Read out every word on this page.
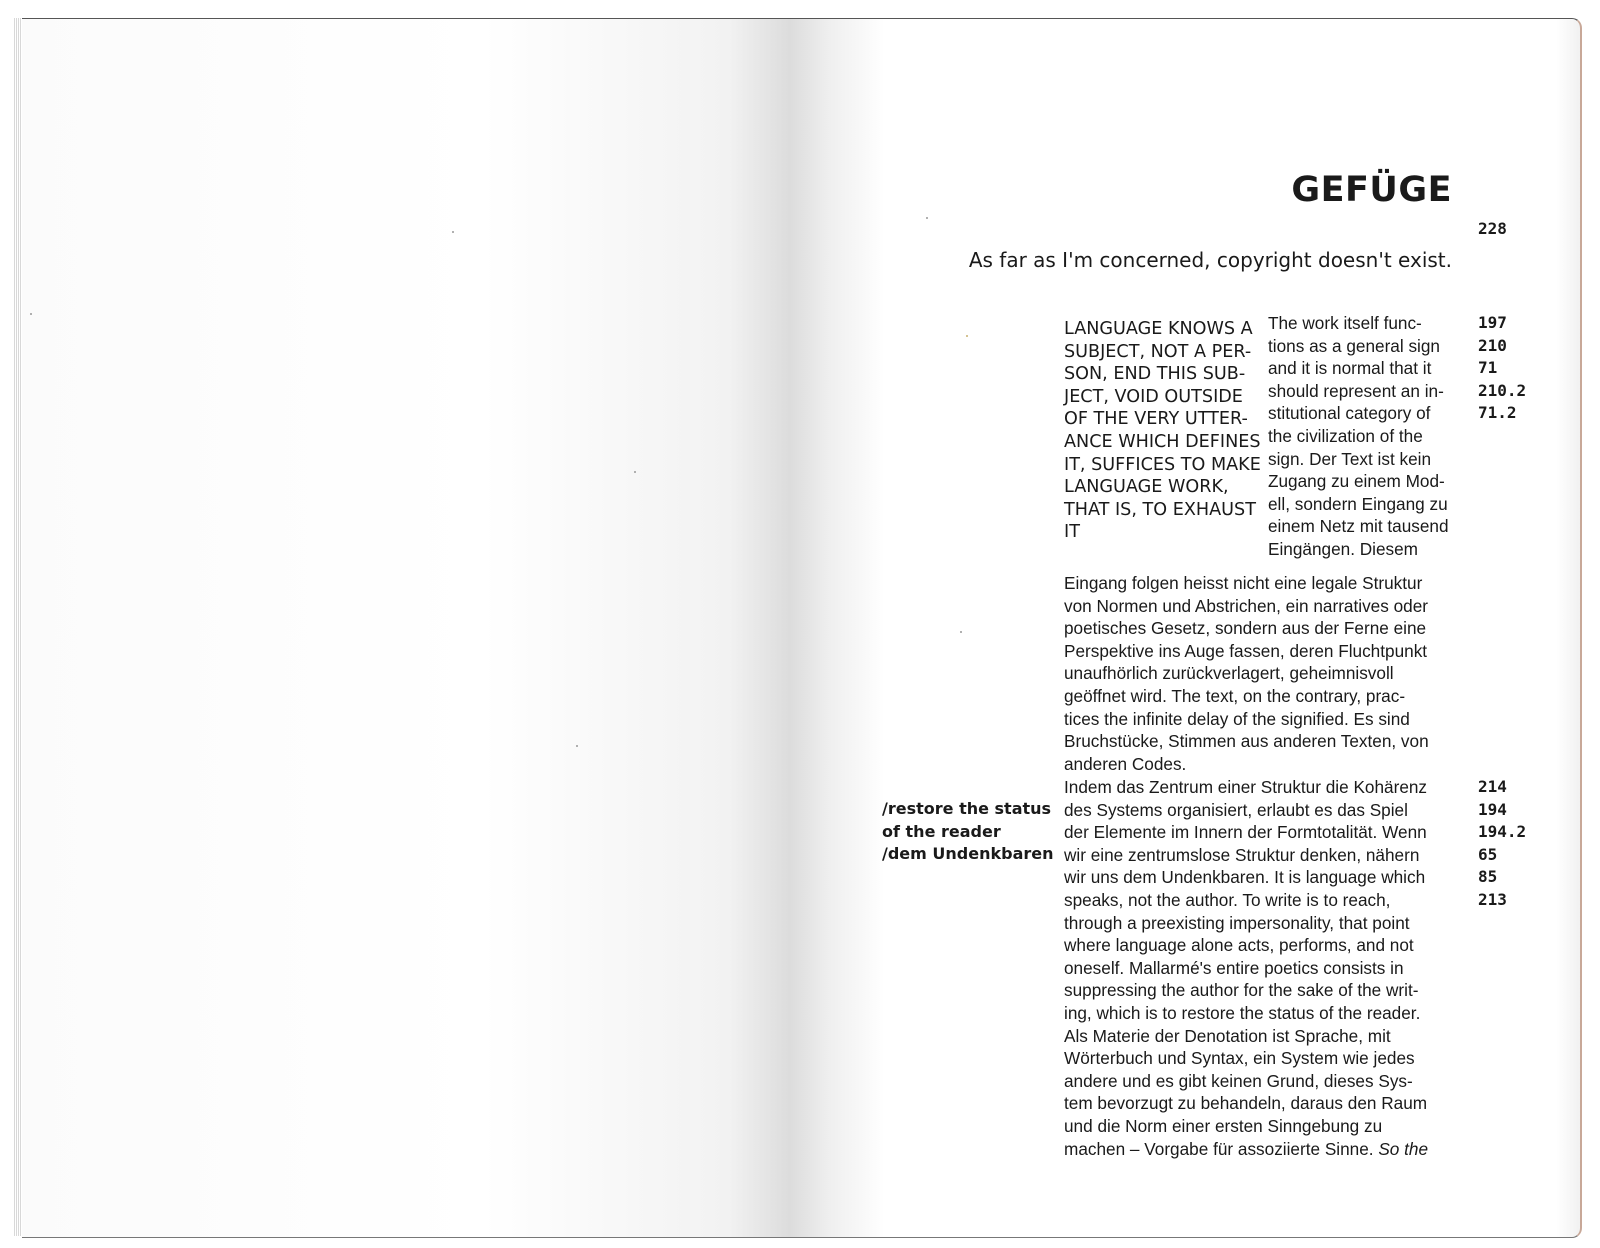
GEFÜGE
228

As far as I'm concerned, copyright doesn't exist.

LANGUAGE KNOWS A
SUBJECT, NOT A PER-
SON, END THIS SUB-
JECT, VOID OUTSIDE
OF THE VERY UTTER-
ANCE WHICH DEFINES
IT, SUFFICES TO MAKE
LANGUAGE WORK,
THAT IS, TO EXHAUST
IT
The work itself func-
tions as a general sign
and it is normal that it
should represent an in-
stitutional category of
the civilization of the
sign. Der Text ist kein
Zugang zu einem Mod-
ell, sondern Eingang zu
einem Netz mit tausend
Eingängen. Diesem
197
210
71
210.2
71.2
Eingang folgen heisst nicht eine legale Struktur
von Normen und Abstrichen, ein narratives oder
poetisches Gesetz, sondern aus der Ferne eine
Perspektive ins Auge fassen, deren Fluchtpunkt
unaufhörlich zurückverlagert, geheimnisvoll
geöffnet wird. The text, on the contrary, prac-
tices the infinite delay of the signified. Es sind
Bruchstücke, Stimmen aus anderen Texten, von
anderen Codes.
/restore the status
of the reader
/dem Undenkbaren
Indem das Zentrum einer Struktur die Kohärenz
des Systems organisiert, erlaubt es das Spiel
der Elemente im Innern der Formtotalität. Wenn
wir eine zentrumslose Struktur denken, nähern
wir uns dem Undenkbaren. It is language which
speaks, not the author. To write is to reach,
through a preexisting impersonality, that point
where language alone acts, performs, and not
oneself. Mallarmé's entire poetics consists in
suppressing the author for the sake of the writ-
ing, which is to restore the status of the reader.
Als Materie der Denotation ist Sprache, mit
Wörterbuch und Syntax, ein System wie jedes
andere und es gibt keinen Grund, dieses Sys-
tem bevorzugt zu behandeln, daraus den Raum
und die Norm einer ersten Sinngebung zu
machen – Vorgabe für assoziierte Sinne. So the
214
194
194.2
65
85
213
